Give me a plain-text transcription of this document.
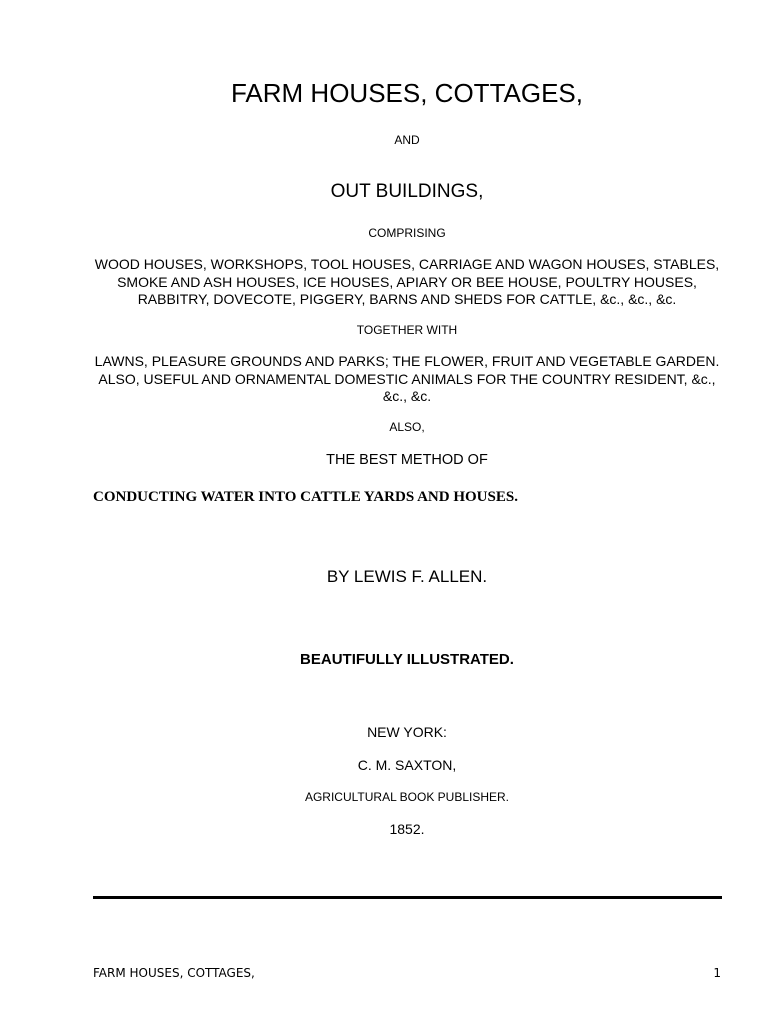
FARM HOUSES, COTTAGES,

AND

OUT BUILDINGS,

COMPRISING

WOOD HOUSES, WORKSHOPS, TOOL HOUSES, CARRIAGE AND WAGON HOUSES, STABLES, SMOKE AND ASH HOUSES, ICE HOUSES, APIARY OR BEE HOUSE, POULTRY HOUSES, RABBITRY, DOVECOTE, PIGGERY, BARNS AND SHEDS FOR CATTLE, &c., &c., &c.

TOGETHER WITH

LAWNS, PLEASURE GROUNDS AND PARKS; THE FLOWER, FRUIT AND VEGETABLE GARDEN. ALSO, USEFUL AND ORNAMENTAL DOMESTIC ANIMALS FOR THE COUNTRY RESIDENT, &c., &c., &c.

ALSO,

THE BEST METHOD OF

CONDUCTING WATER INTO CATTLE YARDS AND HOUSES.

BY LEWIS F. ALLEN.

BEAUTIFULLY ILLUSTRATED.

NEW YORK:

C. M. SAXTON,

AGRICULTURAL BOOK PUBLISHER.

1852.

FARM HOUSES, COTTAGES,	1
